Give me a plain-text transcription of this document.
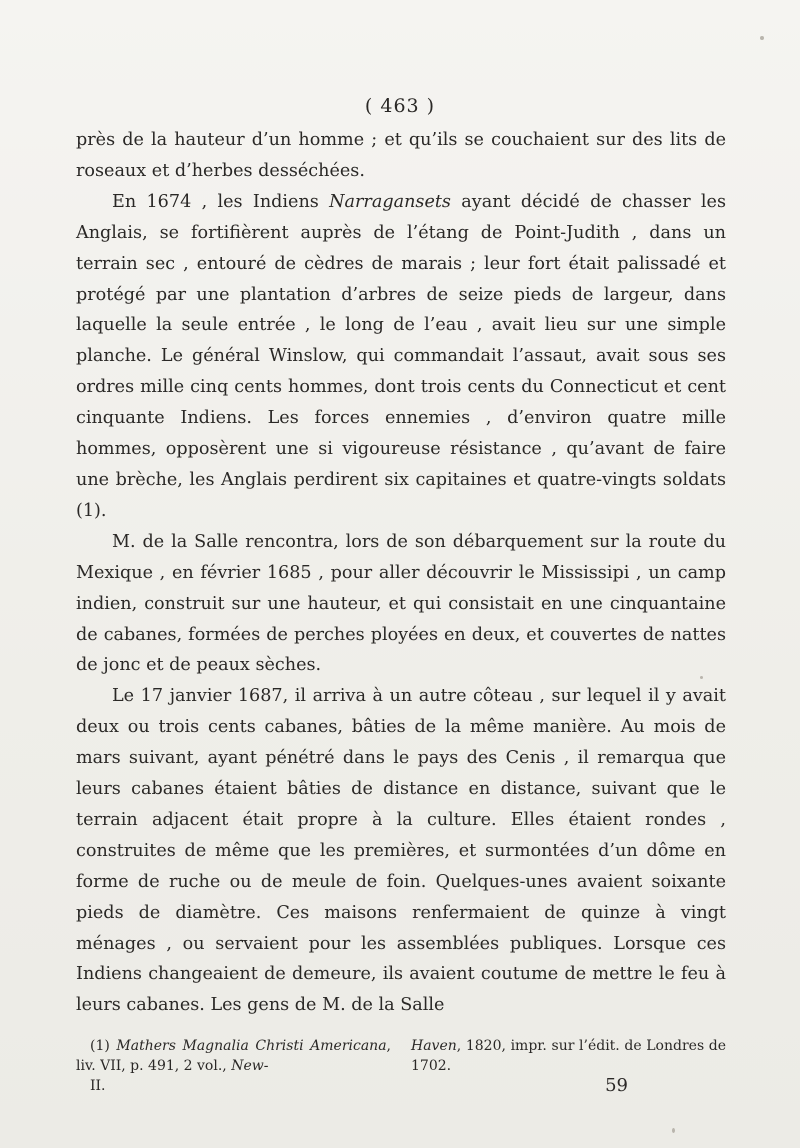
( 463 )

près de la hauteur d’un homme ; et qu’ils se couchaient sur des lits de roseaux et d’herbes desséchées.

En 1674 , les Indiens Narragansets ayant décidé de chasser les Anglais, se fortifièrent auprès de l’étang de Point-Judith , dans un terrain sec , entouré de cèdres de marais ; leur fort était palissadé et protégé par une plantation d’arbres de seize pieds de largeur, dans laquelle la seule entrée , le long de l’eau , avait lieu sur une simple planche. Le général Winslow, qui commandait l’assaut, avait sous ses ordres mille cinq cents hommes, dont trois cents du Connecticut et cent cinquante Indiens. Les forces ennemies , d’environ quatre mille hommes, opposèrent une si vigoureuse résistance , qu’avant de faire une brèche, les Anglais perdirent six capitaines et quatre-vingts soldats (1).

M. de la Salle rencontra, lors de son débarquement sur la route du Mexique , en février 1685 , pour aller découvrir le Mississipi , un camp indien, construit sur une hauteur, et qui consistait en une cinquantaine de cabanes, formées de perches ployées en deux, et couvertes de nattes de jonc et de peaux sèches.

Le 17 janvier 1687, il arriva à un autre côteau , sur lequel il y avait deux ou trois cents cabanes, bâties de la même manière. Au mois de mars suivant, ayant pénétré dans le pays des Cenis , il remarqua que leurs cabanes étaient bâties de distance en distance, suivant que le terrain adjacent était propre à la culture. Elles étaient rondes , construites de même que les premières, et surmontées d’un dôme en forme de ruche ou de meule de foin. Quelques-unes avaient soixante pieds de diamètre. Ces maisons renfermaient de quinze à vingt ménages , ou servaient pour les assemblées publiques. Lorsque ces Indiens changeaient de demeure, ils avaient coutume de mettre le feu à leurs cabanes. Les gens de M. de la Salle

(1) Mathers Magnalia Christi Americana, liv. VII, p. 491, 2 vol., New-

Haven, 1820, impr. sur l’édit. de Londres de 1702.

II.	59
